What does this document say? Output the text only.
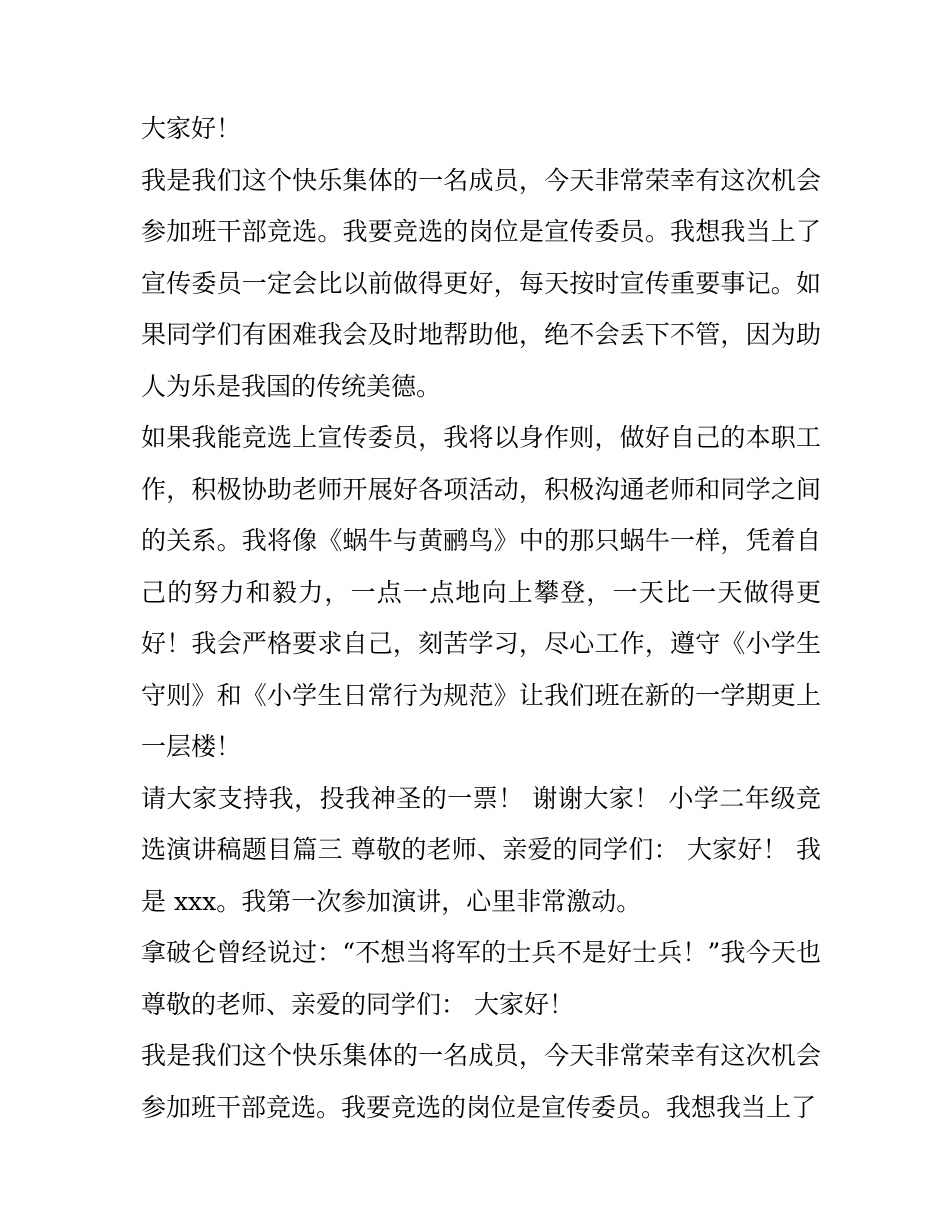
大家好！

我是我们这个快乐集体的一名成员，今天非常荣幸有这次机会参加班干部竞选。我要竞选的岗位是宣传委员。我想我当上了宣传委员一定会比以前做得更好，每天按时宣传重要事记。如果同学们有困难我会及时地帮助他，绝不会丢下不管，因为助人为乐是我国的传统美德。

如果我能竞选上宣传委员，我将以身作则，做好自己的本职工作，积极协助老师开展好各项活动，积极沟通老师和同学之间的关系。我将像《蜗牛与黄鹂鸟》中的那只蜗牛一样，凭着自己的努力和毅力，一点一点地向上攀登，一天比一天做得更好！我会严格要求自己，刻苦学习，尽心工作，遵守《小学生守则》和《小学生日常行为规范》让我们班在新的一学期更上一层楼！

请大家支持我，投我神圣的一票！ 谢谢大家！ 小学二年级竞选演讲稿题目篇三 尊敬的老师、亲爱的同学们： 大家好！ 我是 xxx。我第一次参加演讲，心里非常激动。

拿破仑曾经说过：“不想当将军的士兵不是好士兵！”我今天也尊敬的老师、亲爱的同学们： 大家好！

我是我们这个快乐集体的一名成员，今天非常荣幸有这次机会参加班干部竞选。我要竞选的岗位是宣传委员。我想我当上了
